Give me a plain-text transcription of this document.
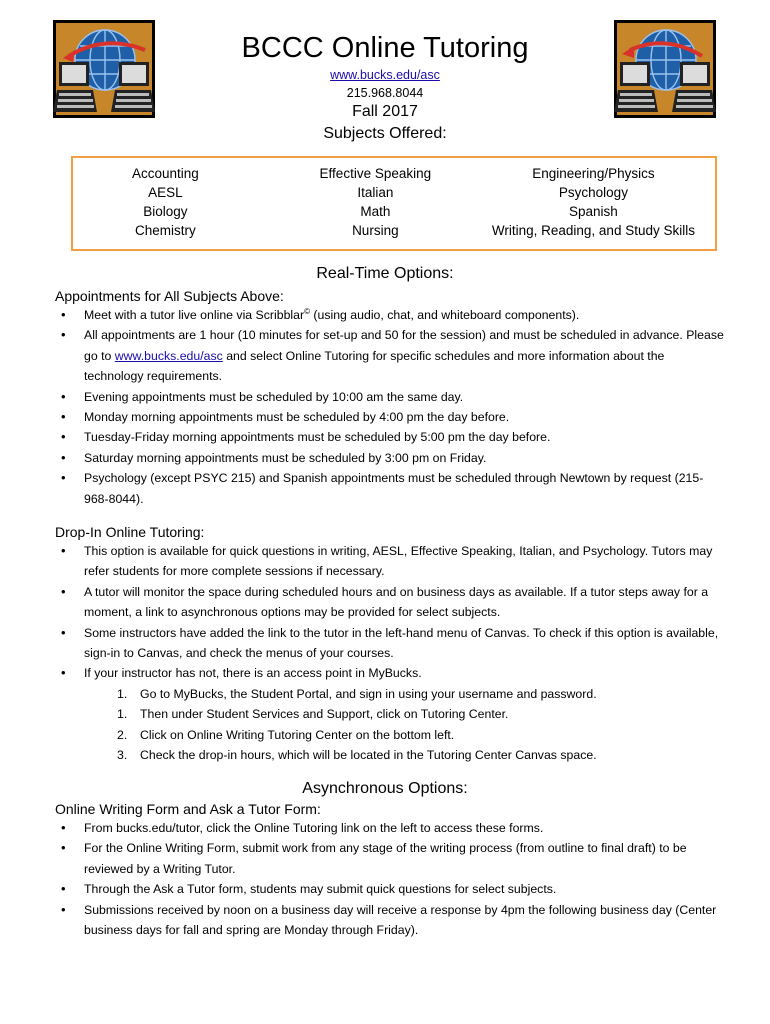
BCCC Online Tutoring
www.bucks.edu/asc
215.968.8044
Fall 2017
Subjects Offered:
Accounting
AESL
Biology
Chemistry
Effective Speaking
Italian
Math
Nursing
Engineering/Physics
Psychology
Spanish
Writing, Reading, and Study Skills
Real-Time Options:
Appointments for All Subjects Above:
• Meet with a tutor live online via Scribblar© (using audio, chat, and whiteboard components).
• All appointments are 1 hour (10 minutes for set-up and 50 for the session) and must be scheduled in advance. Please go to www.bucks.edu/asc and select Online Tutoring for specific schedules and more information about the technology requirements.
• Evening appointments must be scheduled by 10:00 am the same day.
• Monday morning appointments must be scheduled by 4:00 pm the day before.
• Tuesday-Friday morning appointments must be scheduled by 5:00 pm the day before.
• Saturday morning appointments must be scheduled by 3:00 pm on Friday.
• Psychology (except PSYC 215) and Spanish appointments must be scheduled through Newtown by request (215-968-8044).
Drop-In Online Tutoring:
• This option is available for quick questions in writing, AESL, Effective Speaking, Italian, and Psychology. Tutors may refer students for more complete sessions if necessary.
• A tutor will monitor the space during scheduled hours and on business days as available. If a tutor steps away for a moment, a link to asynchronous options may be provided for select subjects.
• Some instructors have added the link to the tutor in the left-hand menu of Canvas. To check if this option is available, sign-in to Canvas, and check the menus of your courses.
• If your instructor has not, there is an access point in MyBucks.
1. Go to MyBucks, the Student Portal, and sign in using your username and password.
1. Then under Student Services and Support, click on Tutoring Center.
2. Click on Online Writing Tutoring Center on the bottom left.
3. Check the drop-in hours, which will be located in the Tutoring Center Canvas space.
Asynchronous Options:
Online Writing Form and Ask a Tutor Form:
• From bucks.edu/tutor, click the Online Tutoring link on the left to access these forms.
• For the Online Writing Form, submit work from any stage of the writing process (from outline to final draft) to be reviewed by a Writing Tutor.
• Through the Ask a Tutor form, students may submit quick questions for select subjects.
• Submissions received by noon on a business day will receive a response by 4pm the following business day (Center business days for fall and spring are Monday through Friday).
